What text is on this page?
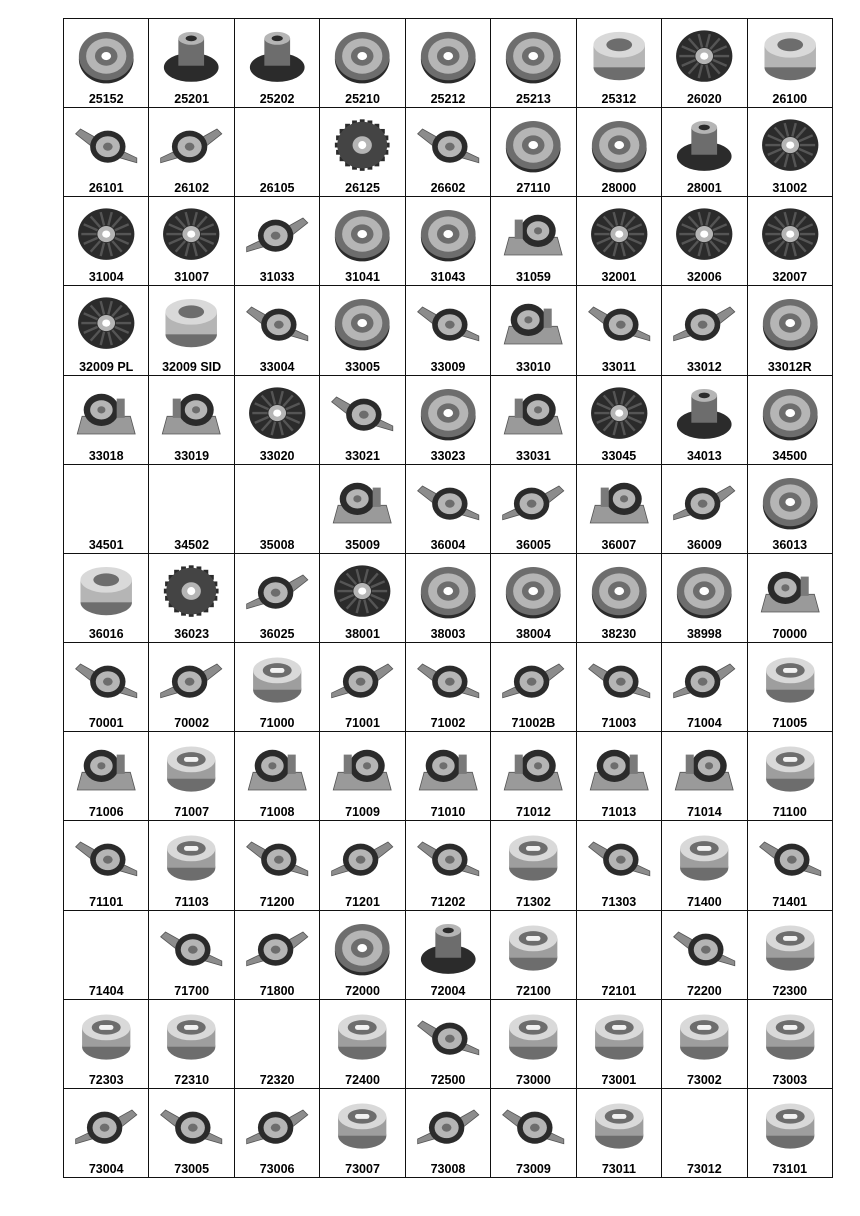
25152	25201	25202	25210	25212	25213	25312	26020	26100
26101	26102	26105	26125	26602	27110	28000	28001	31002
31004	31007	31033	31041	31043	31059	32001	32006	32007
32009 PL	32009 SID	33004	33005	33009	33010	33011	33012	33012R
33018	33019	33020	33021	33023	33031	33045	34013	34500
34501	34502	35008	35009	36004	36005	36007	36009	36013
36016	36023	36025	38001	38003	38004	38230	38998	70000
70001	70002	71000	71001	71002	71002B	71003	71004	71005
71006	71007	71008	71009	71010	71012	71013	71014	71100
71101	71103	71200	71201	71202	71302	71303	71400	71401
71404	71700	71800	72000	72004	72100	72101	72200	72300
72303	72310	72320	72400	72500	73000	73001	73002	73003
73004	73005	73006	73007	73008	73009	73011	73012	73101
